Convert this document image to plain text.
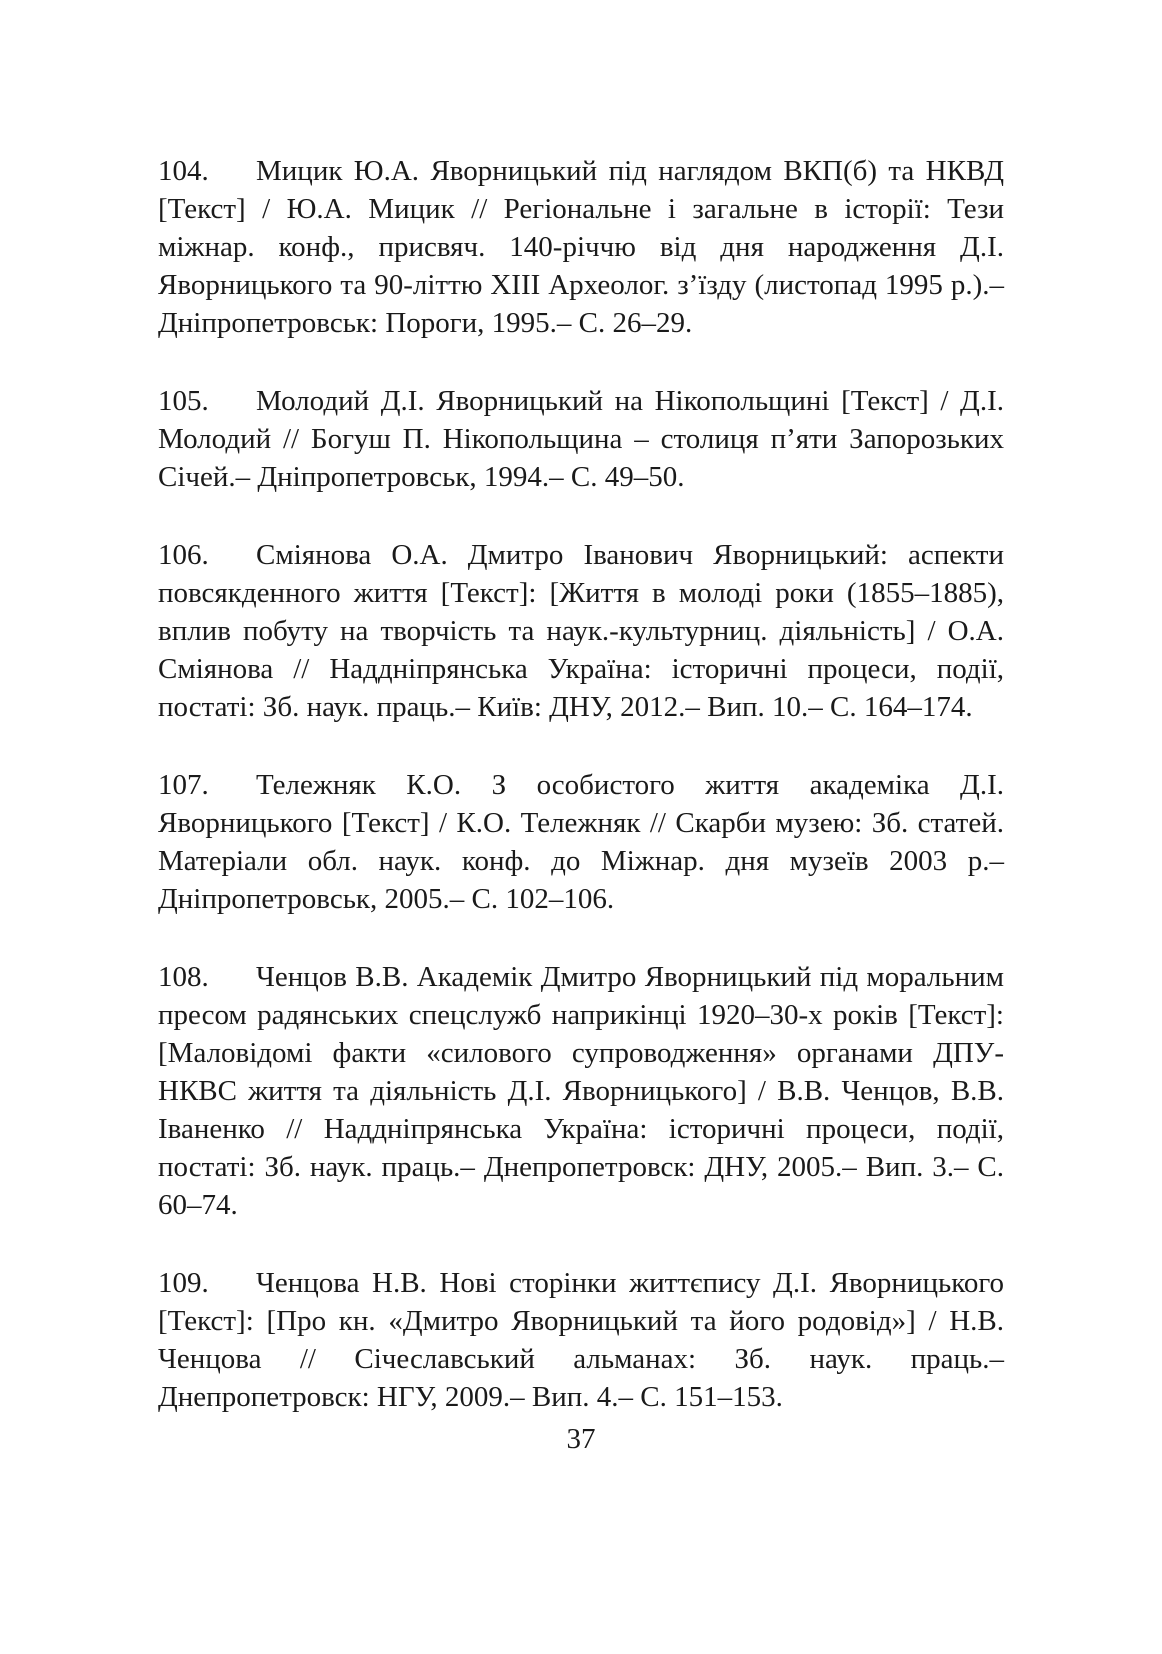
104. Мицик Ю.А. Яворницький під наглядом ВКП(б) та НКВД [Текст] / Ю.А. Мицик // Регіональне і загальне в історії: Тези міжнар. конф., присвяч. 140-річчю від дня народження Д.І. Яворницького та 90-літтю XIII Археолог. з’їзду (листопад 1995 р.).– Дніпропетровськ: Пороги, 1995.– С. 26–29.

105. Молодий Д.І. Яворницький на Нікопольщині [Текст] / Д.І. Молодий // Богуш П. Нікопольщина – столиця п’яти Запорозьких Січей.– Дніпропетровськ, 1994.– С. 49–50.

106. Сміянова О.А. Дмитро Іванович Яворницький: аспекти повсякденного життя [Текст]: [Життя в молоді роки (1855–1885), вплив побуту на творчість та наук.-культурниц. діяльність] / О.А. Сміянова // Наддніпрянська Україна: історичні процеси, події, постаті: Зб. наук. праць.– Київ: ДНУ, 2012.– Вип. 10.– С. 164–174.

107. Тележняк К.О. З особистого життя академіка Д.І. Яворницького [Текст] / К.О. Тележняк // Скарби музею: Зб. статей. Матеріали обл. наук. конф. до Міжнар. дня музеїв 2003 р.– Дніпропетровськ, 2005.– С. 102–106.

108. Ченцов В.В. Академік Дмитро Яворницький під моральним пресом радянських спецслужб наприкінці 1920–30-х років [Текст]: [Маловідомі факти «силового супроводження» органами ДПУ-НКВС життя та діяльність Д.І. Яворницького] / В.В. Ченцов, В.В. Іваненко // Наддніпрянська Україна: історичні процеси, події, постаті: Зб. наук. праць.– Днепропетровск: ДНУ, 2005.– Вип. 3.– С. 60–74.

109. Ченцова Н.В. Нові сторінки життєпису Д.І. Яворницького [Текст]: [Про кн. «Дмитро Яворницький та його родовід»] / Н.В. Ченцова // Січеславський альманах: Зб. наук. праць.– Днепропетровск: НГУ, 2009.– Вип. 4.– С. 151–153.

37
